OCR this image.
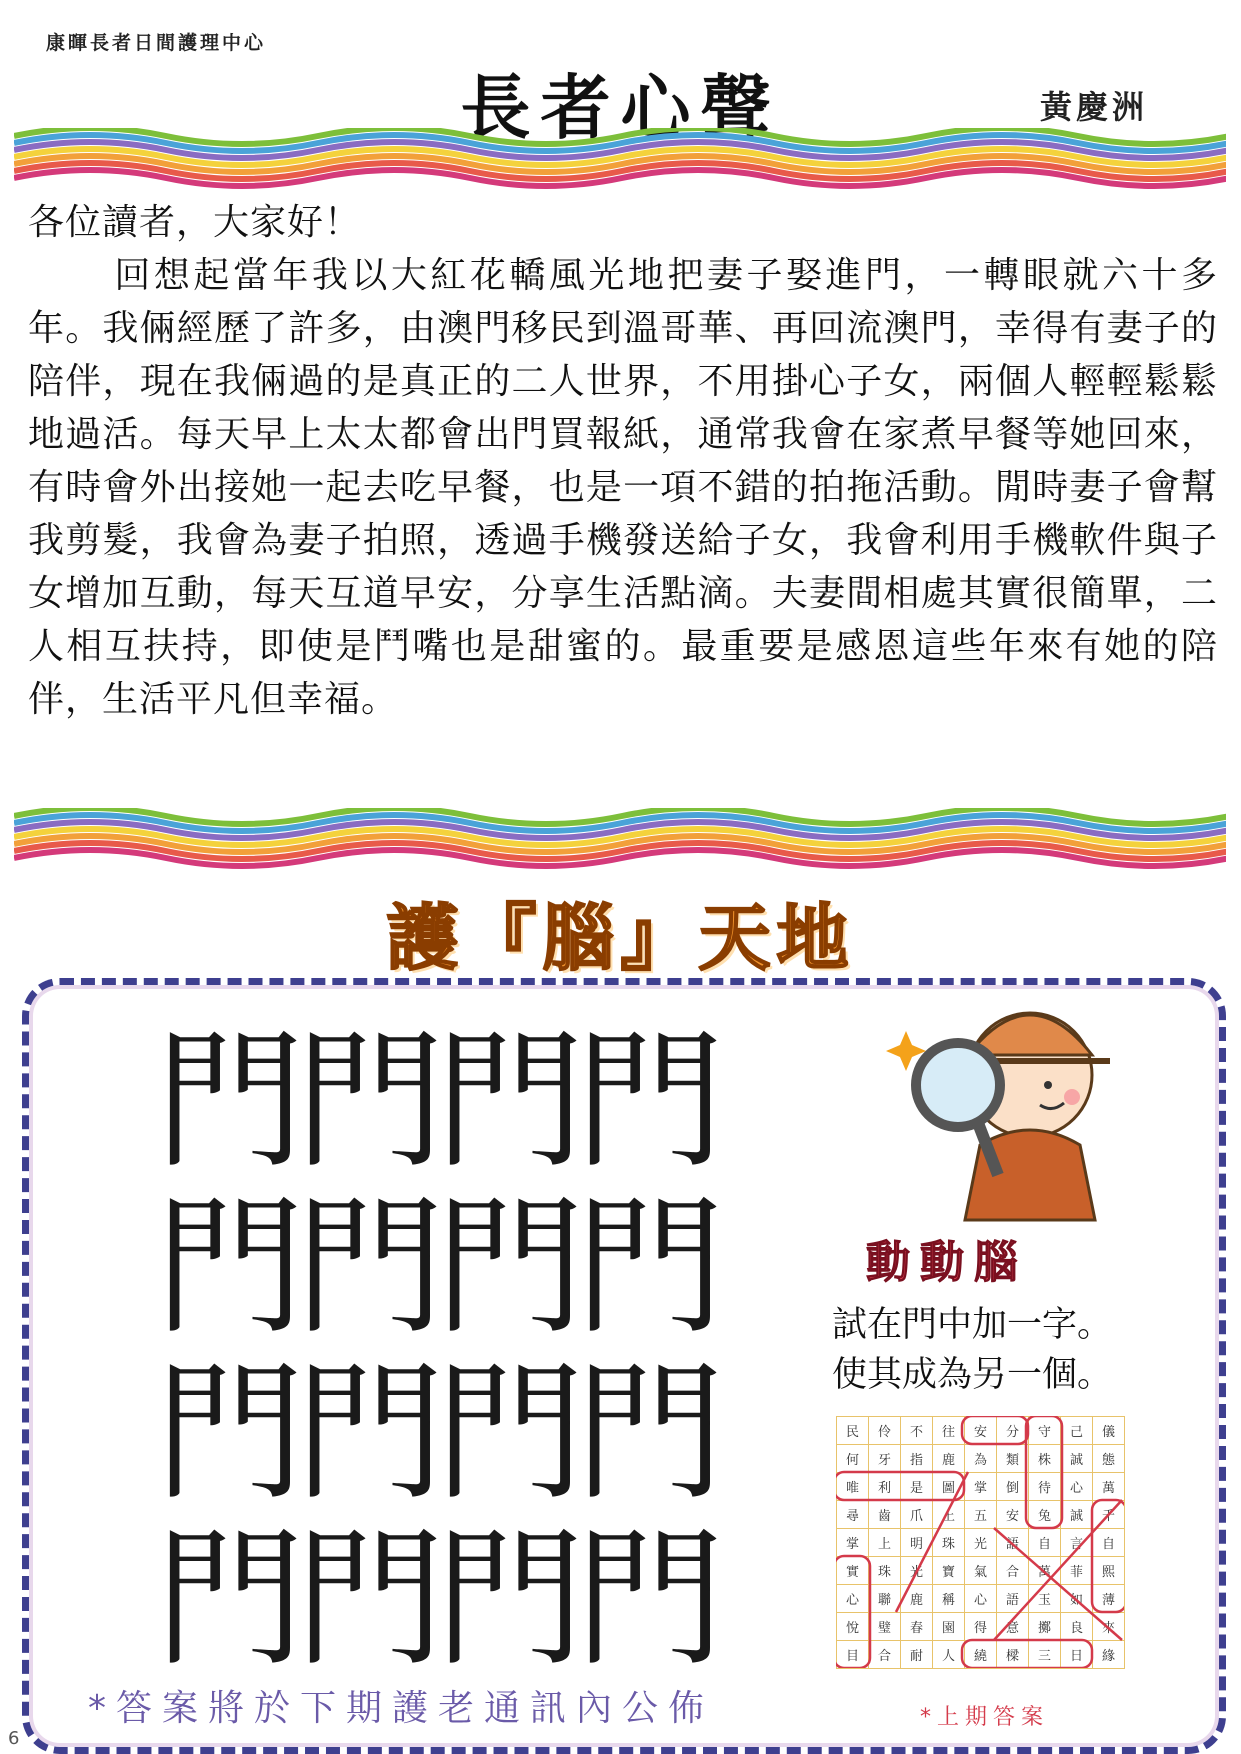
康暉長者日間護理中心
長者心聲	黃慶洲

各位讀者，大家好！

回想起當年我以大紅花轎風光地把妻子娶進門，一轉眼就六十多年。我倆經歷了許多，由澳門移民到溫哥華、再回流澳門，幸得有妻子的陪伴，現在我倆過的是真正的二人世界，不用掛心子女，兩個人輕輕鬆鬆地過活。每天早上太太都會出門買報紙，通常我會在家煮早餐等她回來，有時會外出接她一起去吃早餐，也是一項不錯的拍拖活動。閒時妻子會幫我剪髮，我會為妻子拍照，透過手機發送給子女，我會利用手機軟件與子女增加互動，每天互道早安，分享生活點滴。夫妻間相處其實很簡單，二人相互扶持，即使是鬥嘴也是甜蜜的。最重要是感恩這些年來有她的陪伴，生活平凡但幸福。

護『腦』天地
門
門
門
門
門
門
門
門
門
門
門
門
門
門
門
門
動動腦

試在門中加一字。

使其成為另一個。

民	伶	不	往	安	分	守	己	儀
何	牙	指	鹿	為	類	株	誠	態
唯	利	是	圖	掌	倒	待	心	萬
尋	齒	爪	上	五	安	兔	誠	千
掌	上	明	珠	光	語	自	言	自
實	珠	光	寶	氣	合	萬	菲	熙
心	聯	鹿	稱	心	語	玉	如	薄
悅	璧	春	園	得	意	擲	良	來
目	合	耐	人	繞	樑	三	日	緣
*答案將於下期護老通訊內公佈	*上期答案
6
